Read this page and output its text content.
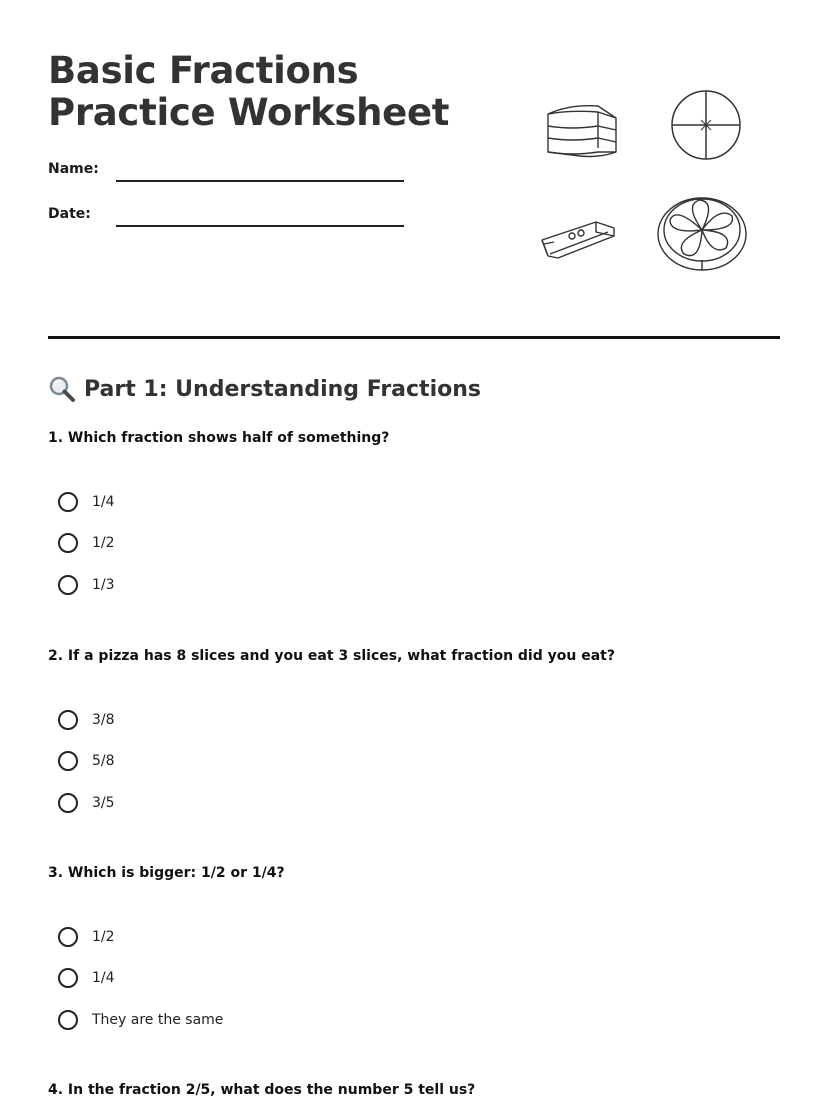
Basic Fractions Practice Worksheet
Name:
Date:
Part 1: Understanding Fractions

1. Which fraction shows half of something?

1/4
1/2
1/3

2. If a pizza has 8 slices and you eat 3 slices, what fraction did you eat?

3/8
5/8
3/5

3. Which is bigger: 1/2 or 1/4?

1/2
1/4
They are the same

4. In the fraction 2/5, what does the number 5 tell us?
